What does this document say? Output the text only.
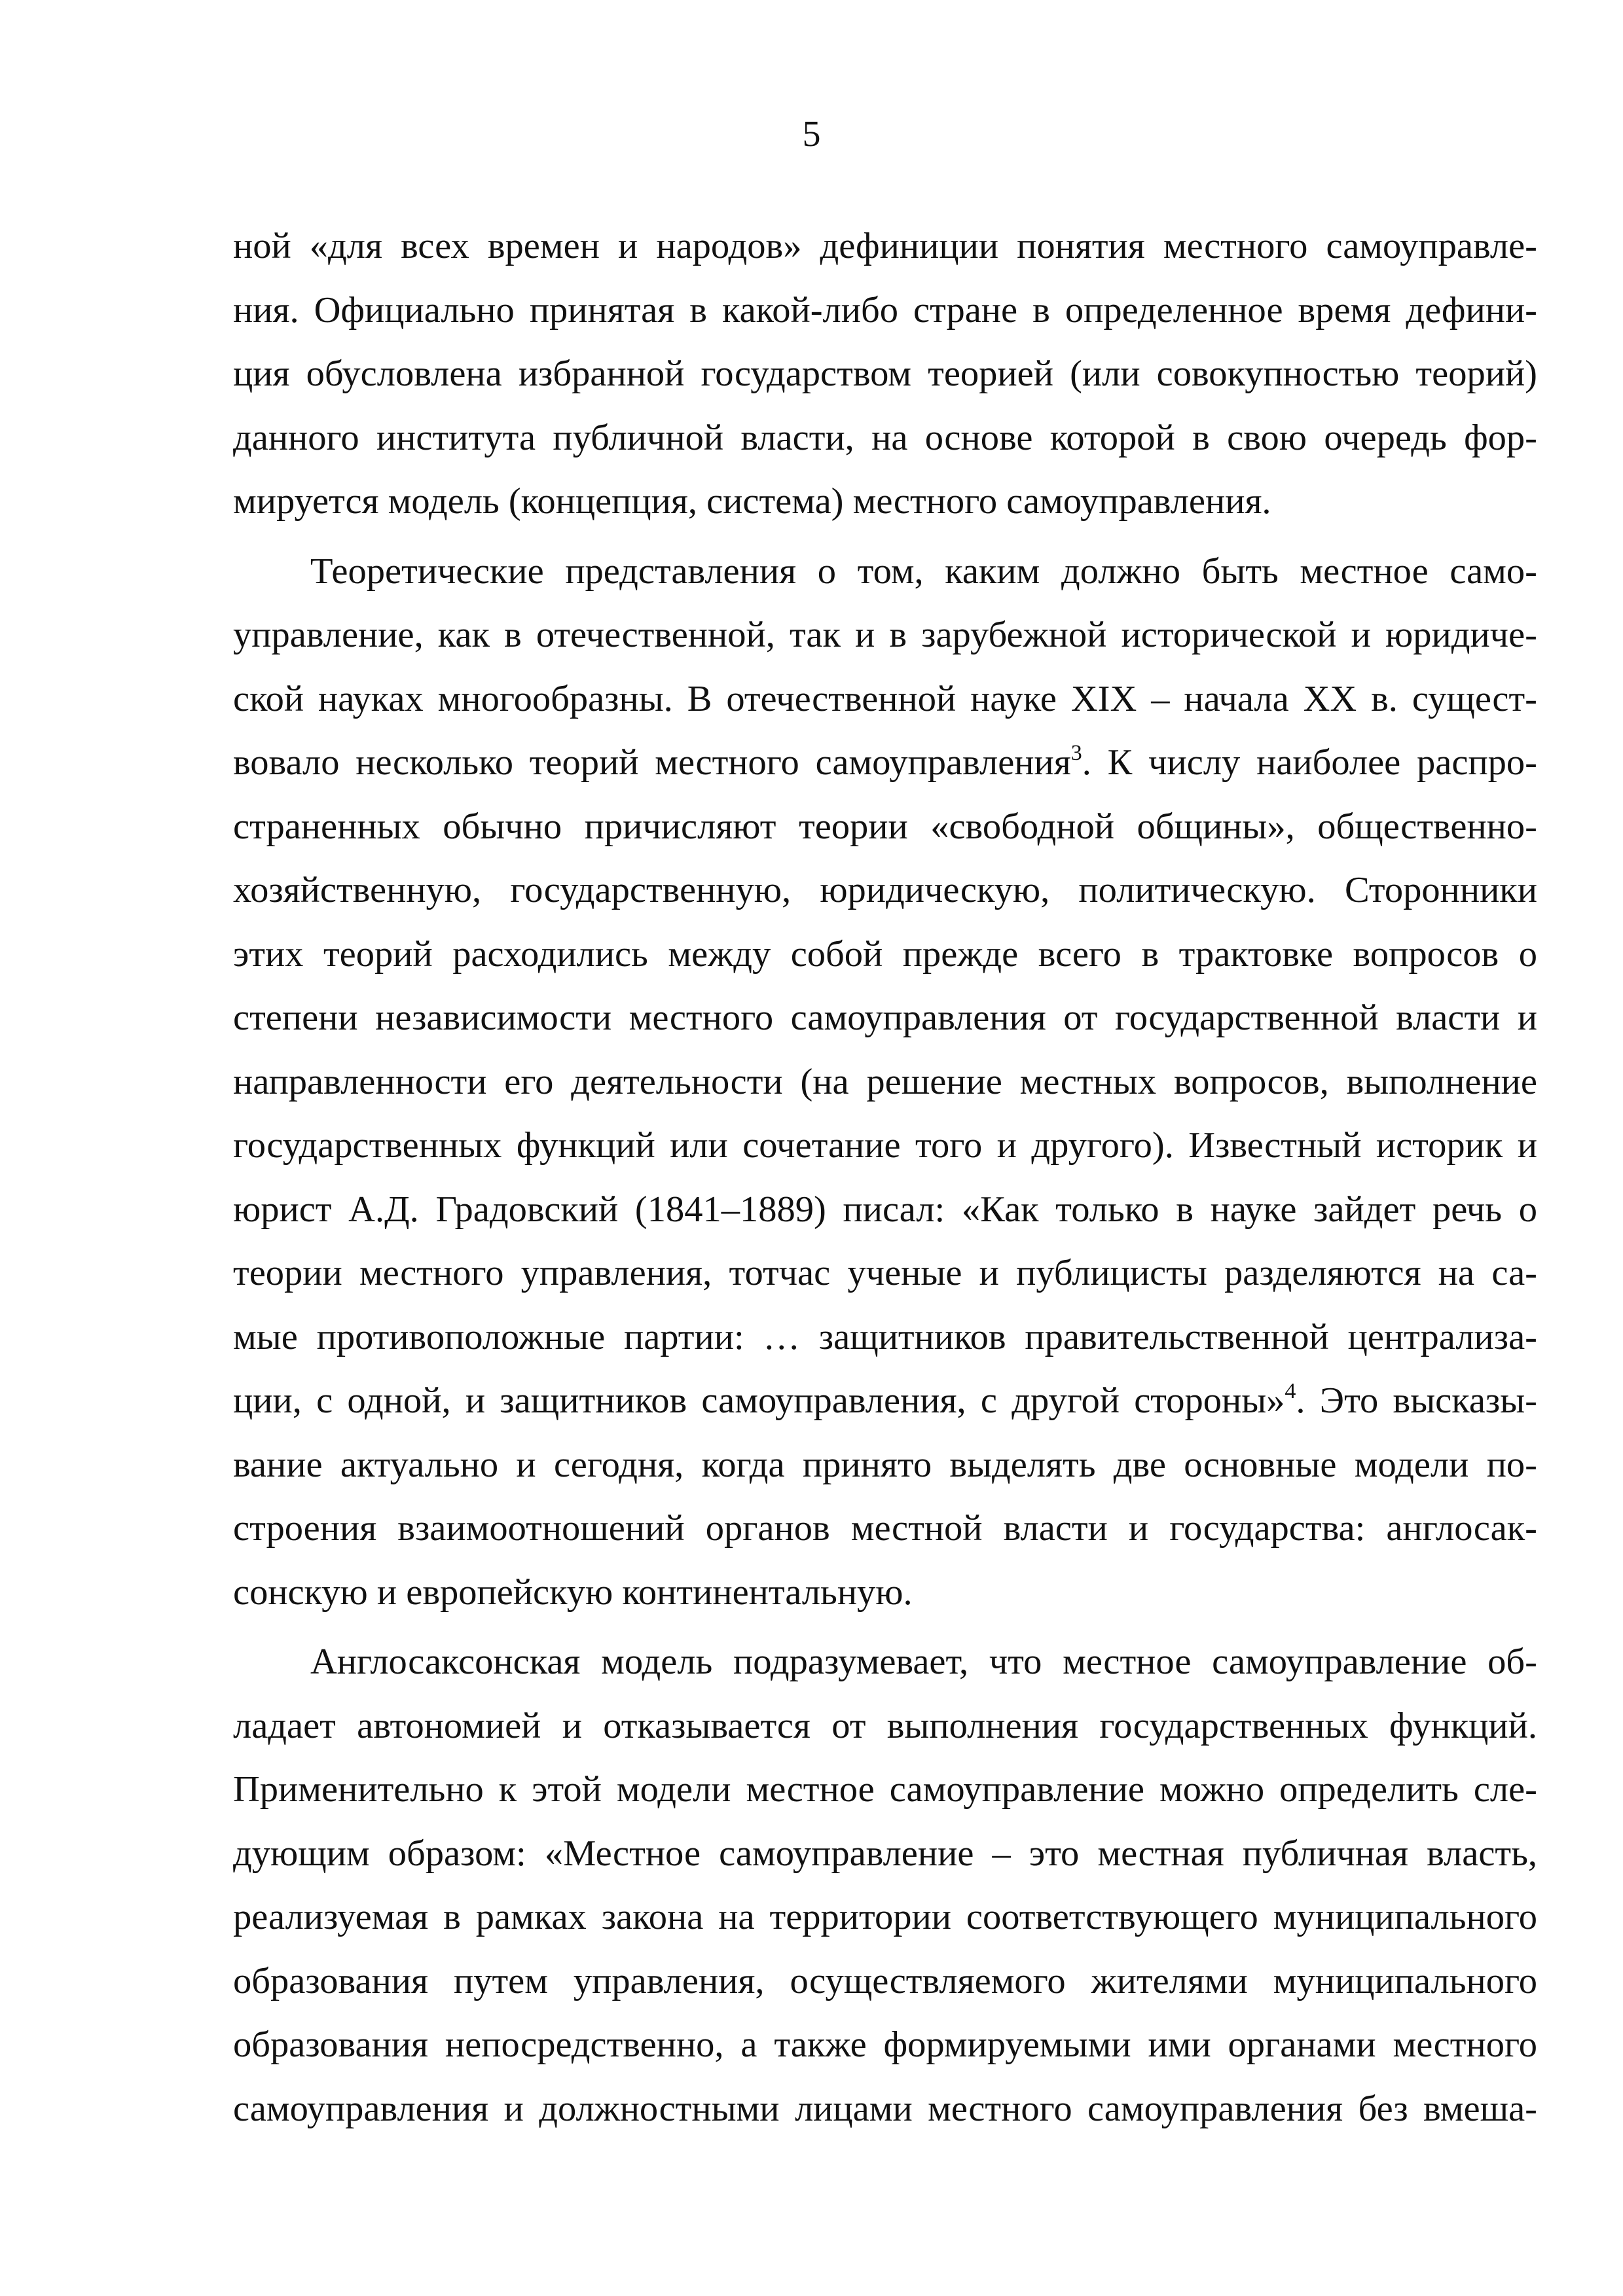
5
ной «для всех времен и народов» дефиниции понятия местного самоуправле-
ния. Официально принятая в какой-либо стране в определенное время дефини-
ция обусловлена избранной государством теорией (или совокупностью теорий)
данного института публичной власти, на основе которой в свою очередь фор-
мируется модель (концепция, система) местного самоуправления.
Теоретические представления о том, каким должно быть местное само-
управление, как в отечественной, так и в зарубежной исторической и юридиче-
ской науках многообразны. В отечественной науке XIX – начала XX в. сущест-
вовало несколько теорий местного самоуправления$^3$. К числу наиболее распро-
страненных обычно причисляют теории «свободной общины», общественно-
хозяйственную, государственную, юридическую, политическую. Сторонники
этих теорий расходились между собой прежде всего в трактовке вопросов о
степени независимости местного самоуправления от государственной власти и
направленности его деятельности (на решение местных вопросов, выполнение
государственных функций или сочетание того и другого). Известный историк и
юрист А.Д. Градовский (1841–1889) писал: «Как только в науке зайдет речь о
теории местного управления, тотчас ученые и публицисты разделяются на са-
мые противоположные партии: … защитников правительственной централиза-
ции, с одной, и защитников самоуправления, с другой стороны»$^4$. Это высказы-
вание актуально и сегодня, когда принято выделять две основные модели по-
строения взаимоотношений органов местной власти и государства: англосак-
сонскую и европейскую континентальную.
Англосаксонская модель подразумевает, что местное самоуправление об-
ладает автономией и отказывается от выполнения государственных функций.
Применительно к этой модели местное самоуправление можно определить сле-
дующим образом: «Местное самоуправление – это местная публичная власть,
реализуемая в рамках закона на территории соответствующего муниципального
образования путем управления, осуществляемого жителями муниципального
образования непосредственно, а также формируемыми ими органами местного
самоуправления и должностными лицами местного самоуправления без вмеша-
